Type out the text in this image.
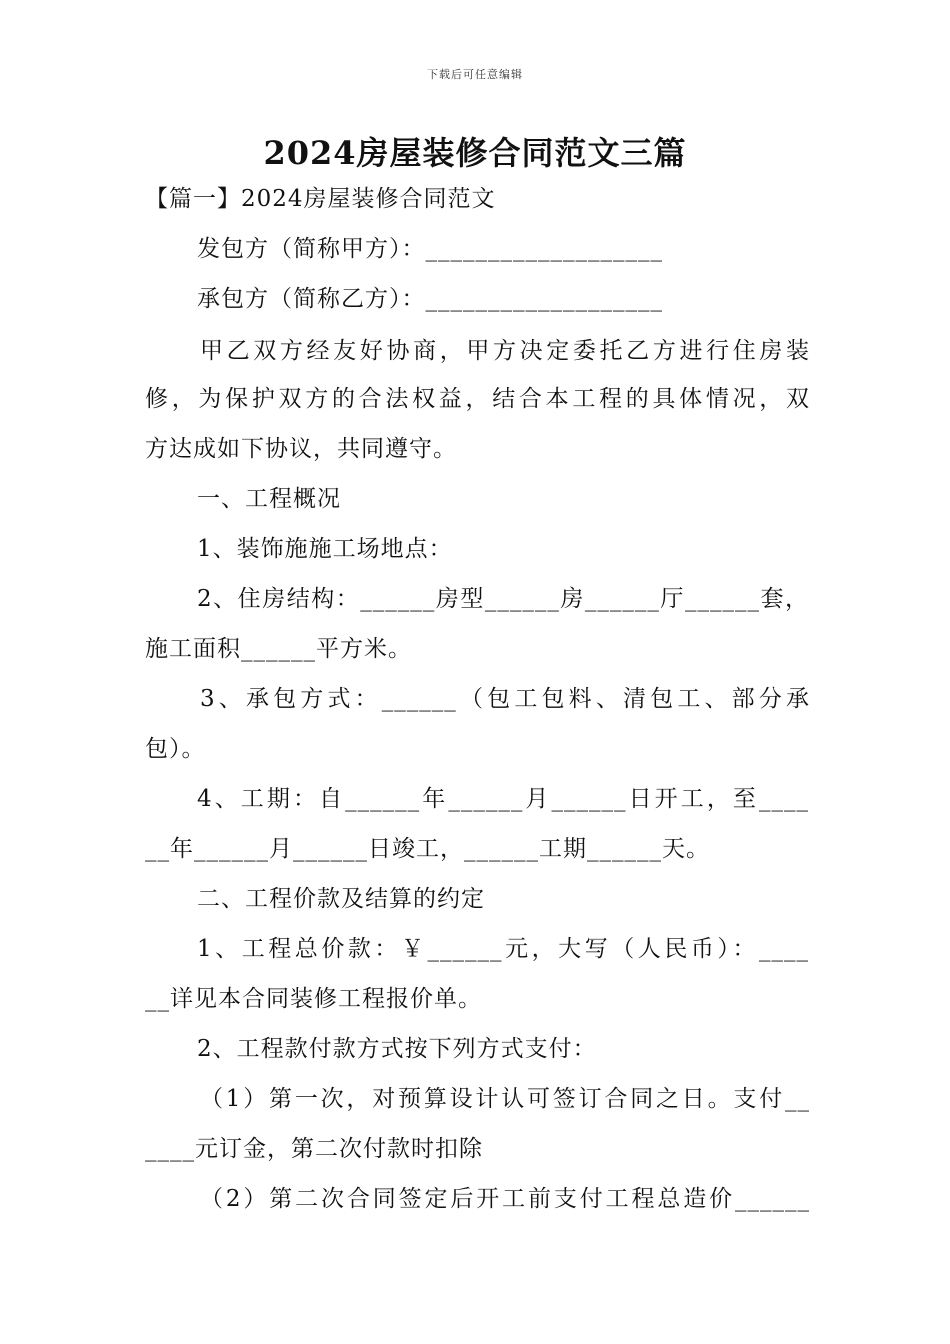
下载后可任意编辑
2024房屋装修合同范文三篇
【篇一】2024房屋装修合同范文
发包方（简称甲方）：___________________
承包方（简称乙方）：___________________
甲乙双方经友好协商，甲方决定委托乙方进行住房装
修，为保护双方的合法权益，结合本工程的具体情况，双
方达成如下协议，共同遵守。
一、工程概况
1、装饰施施工场地点：
2、住房结构：______房型______房______厅______套，
施工面积______平方米。
3、承包方式：______（包工包料、清包工、部分承
包）。
4、工期：自______年______月______日开工，至____
__年______月______日竣工，______工期______天。
二、工程价款及结算的约定
1、工程总价款：￥______元，大写（人民币）：____
__详见本合同装修工程报价单。
2、工程款付款方式按下列方式支付：
（1）第一次，对预算设计认可签订合同之日。支付__
____元订金，第二次付款时扣除
（2）第二次合同签定后开工前支付工程总造价______
